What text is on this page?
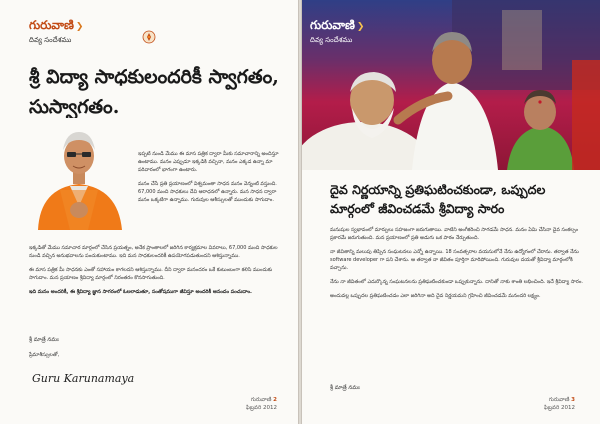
గురువాణి ❯
దివ్య సందేశము
శ్రీ విద్యా సాధకులందరికీ స్వాగతం, సుస్వాగతం.

ఇప్పటి నుండి మేము ఈ మాస పత్రిక ద్వారా మీకు సమాచారాన్ని అందిస్తూ ఉంటాము. మనం ఎప్పుడూ ఇక్కడికి వచ్చినా, మనం ఎక్కడ ఉన్నా మా పరివారంలో భాగంగా ఉంటారు.

మనం చేసే ప్రతి ప్రయాణంలో విశ్వమంతా సాధన మనం వెన్నంటి వస్తుంది. 67,000 మంది సాధకులు దేవి ఆరాధనలో ఉన్నారు. మన సాధన ద్వారా మనం ఒక్కటిగా ఉన్నాము. గురువుల ఆశీస్సులతో ముందుకు సాగుదాం.

ఇక్కడితో మేము సమాచార మార్గంలో చేసిన ప్రయత్నం, అనేక ప్రాంతాలలో జరిగిన కార్యక్రమాల వివరాలు, 67,000 మంది సాధకుల నుండి వచ్చిన అనుభవాలను పంచుకుంటాము. ఇది మన సాధకులందరికీ ఉపయోగపడుతుందని ఆశిస్తున్నాము.

ఈ మాస పత్రిక మీ సాధనకు ఎంతో సహాయం కాగలదని ఆశిస్తున్నాము. దీని ద్వారా మనందరం ఒకే కుటుంబంగా కలిసి ముందుకు సాగుదాం. మన ప్రయాణం శ్రీవిద్యా మార్గంలో నిరంతరం కొనసాగుతుంది.

ఇది మనం అందరికీ, ఈ శ్రీవిద్యా జ్ఞాన సాగరంలో ఓలలాడుతూ, సంతోషముగా జీవిస్తూ అందరికీ ఆనందం పంచుదాం.

శ్రీ మాత్రే నమః
ప్రేమాశీస్సులతో,
Guru Karunamaya
గురువాణి 2
ఫిబ్రవరి 2012
గురువాణి ❯
దివ్య సందేశము
దైవ నిర్ణయాన్ని ప్రతిఘటించకుండా, ఒప్పుదల మార్గంలో జీవించడమే శ్రీవిద్యా సారం

మనుషుల స్వభావంలో మార్పులు సహజంగా జరుగుతాయి. వాటిని అంగీకరించి సాగడమే సాధన. మనం ఏమి చేసినా దైవ సంకల్పం ప్రకారమే జరుగుతుంది. మన ప్రయాణంలో ప్రతి అడుగు ఒక పాఠం నేర్పుతుంది.

నా జీవితాన్ని మలుపు తిప్పిన సంఘటనలు ఎన్నో ఉన్నాయి. 18 సంవత్సరాల వయసులోనే నేను ఉద్యోగంలో చేరాను. తర్వాత నేను software developer గా పని చేశాను. ఆ తర్వాత నా జీవితం పూర్తిగా మారిపోయింది. గురువుల దయతో శ్రీవిద్యా మార్గంలోకి వచ్చాను.

నేను నా జీవితంలో ఎదుర్కొన్న సంఘటనలను ప్రతిఘటించకుండా ఒప్పుకున్నాను. దానితో నాకు శాంతి లభించింది. ఇదే శ్రీవిద్యా సారం.

అందువల్ల ఒప్పుదల ప్రతిఘటించడం ఎలా జరిగినా అది దైవ నిర్ణయమని గ్రహించి జీవించడమే మనందరి లక్ష్యం.

శ్రీ మాత్రే నమః
గురువాణి 3
ఫిబ్రవరి 2012
